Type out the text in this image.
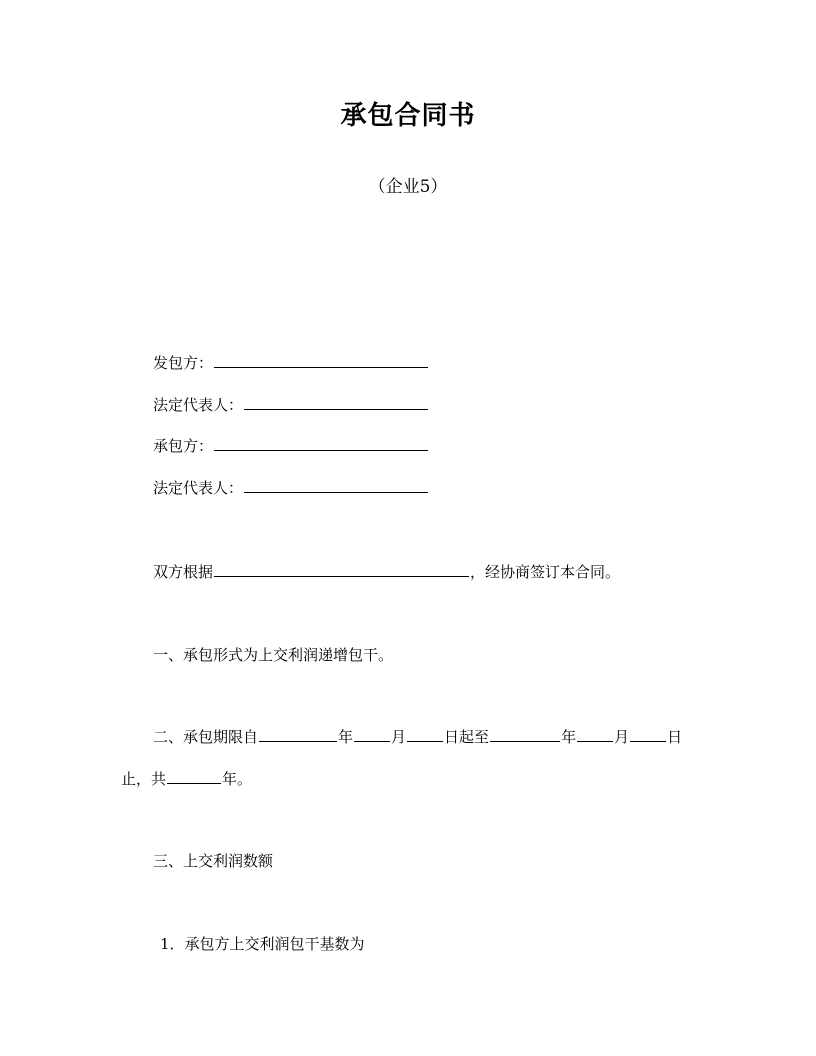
承包合同书
（企业5）
发包方：
法定代表人：
承包方：
法定代表人：
双方根据	，经协商签订本合同。
一、承包形式为上交利润递增包干。
二、承包期限自	年	月	日起至	年	月	日
止，共	年。
三、上交利润数额
1．承包方上交利润包干基数为
